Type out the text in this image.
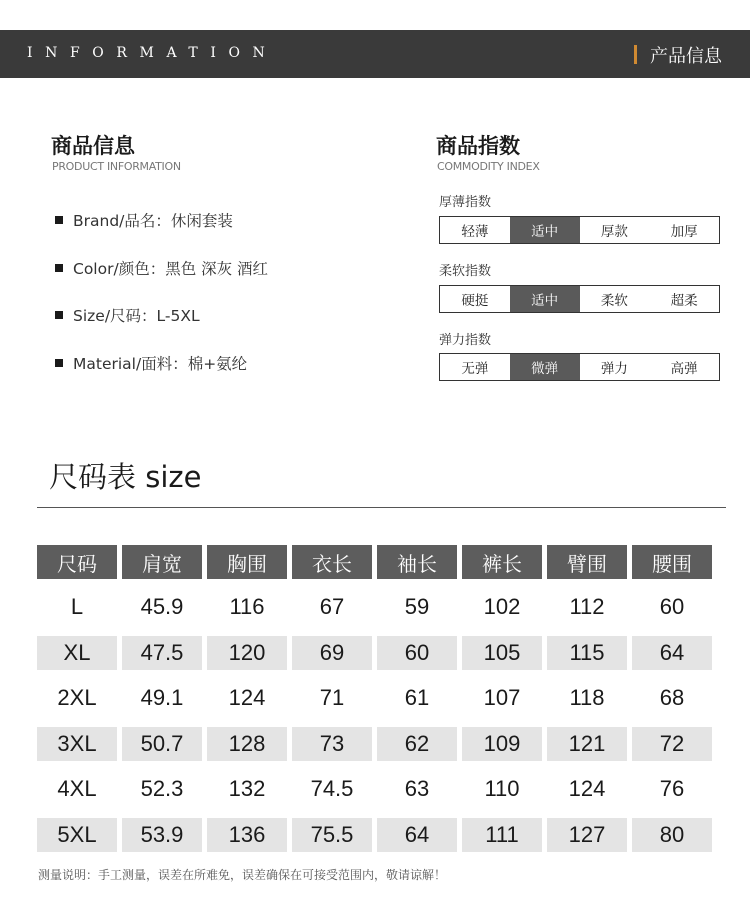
INFORMATION	产品信息
商品信息
PRODUCT INFORMATION
Brand/品名：休闲套装
Color/颜色：黑色 深灰 酒红
Size/尺码：L-5XL
Material/面料：棉+氨纶
商品指数
COMMODITY INDEX
厚薄指数
轻薄	适中	厚款	加厚
柔软指数
硬挺	适中	柔软	超柔
弹力指数
无弹	微弹	弹力	高弹
尺码表 size
尺码	肩宽	胸围	衣长	袖长	裤长	臂围	腰围
L	45.9	116	67	59	102	112	60
XL	47.5	120	69	60	105	115	64
2XL	49.1	124	71	61	107	118	68
3XL	50.7	128	73	62	109	121	72
4XL	52.3	132	74.5	63	110	124	76
5XL	53.9	136	75.5	64	111	127	80
测量说明：手工测量，误差在所难免，误差确保在可接受范围内，敬请谅解！
